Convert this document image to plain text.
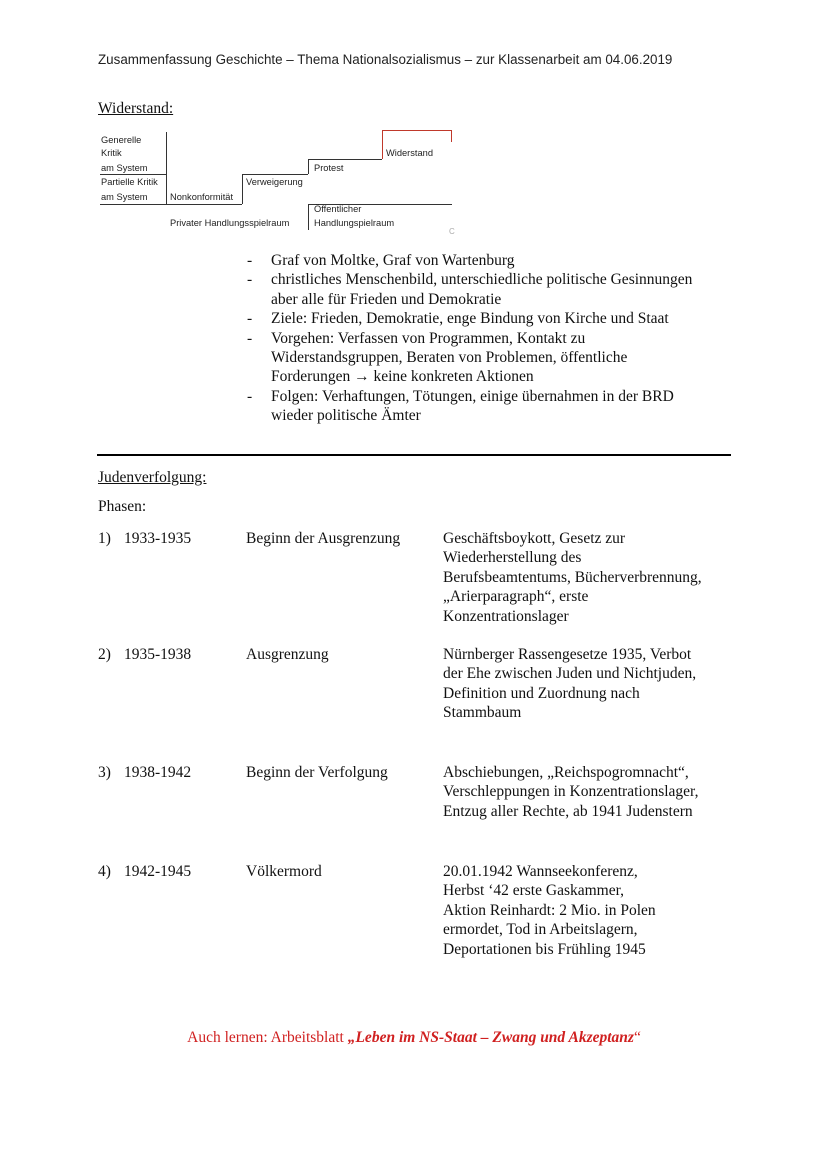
Zusammenfassung Geschichte – Thema Nationalsozialismus – zur Klassenarbeit am 04.06.2019
Widerstand:
Generelle
Kritik
am System
Partielle Kritik
am System Nonkonformität
Verweigerung
Protest
Widerstand
Privater Handlungsspielraum
Öffentlicher
Handlungspielraum
C
- Graf von Moltke, Graf von Wartenburg
- christliches Menschenbild, unterschiedliche politische Gesinnungen
aber alle für Frieden und Demokratie
- Ziele: Frieden, Demokratie, enge Bindung von Kirche und Staat
- Vorgehen: Verfassen von Programmen, Kontakt zu
Widerstandsgruppen, Beraten von Problemen, öffentliche
Forderungen → keine konkreten Aktionen
- Folgen: Verhaftungen, Tötungen, einige übernahmen in der BRD
wieder politische Ämter
Judenverfolgung:
Phasen:
1) 1933-1935	Beginn der Ausgrenzung	Geschäftsboykott, Gesetz zur
Wiederherstellung des
Berufsbeamtentums, Bücherverbrennung,
„Arierparagraph“, erste
Konzentrationslager
2) 1935-1938	Ausgrenzung	Nürnberger Rassengesetze 1935, Verbot
der Ehe zwischen Juden und Nichtjuden,
Definition und Zuordnung nach
Stammbaum
3) 1938-1942	Beginn der Verfolgung	Abschiebungen, „Reichspogromnacht“,
Verschleppungen in Konzentrationslager,
Entzug aller Rechte, ab 1941 Judenstern
4) 1942-1945	Völkermord	20.01.1942 Wannseekonferenz,
Herbst ‘42 erste Gaskammer,
Aktion Reinhardt: 2 Mio. in Polen
ermordet, Tod in Arbeitslagern,
Deportationen bis Frühling 1945
Auch lernen: Arbeitsblatt „Leben im NS-Staat – Zwang und Akzeptanz“
